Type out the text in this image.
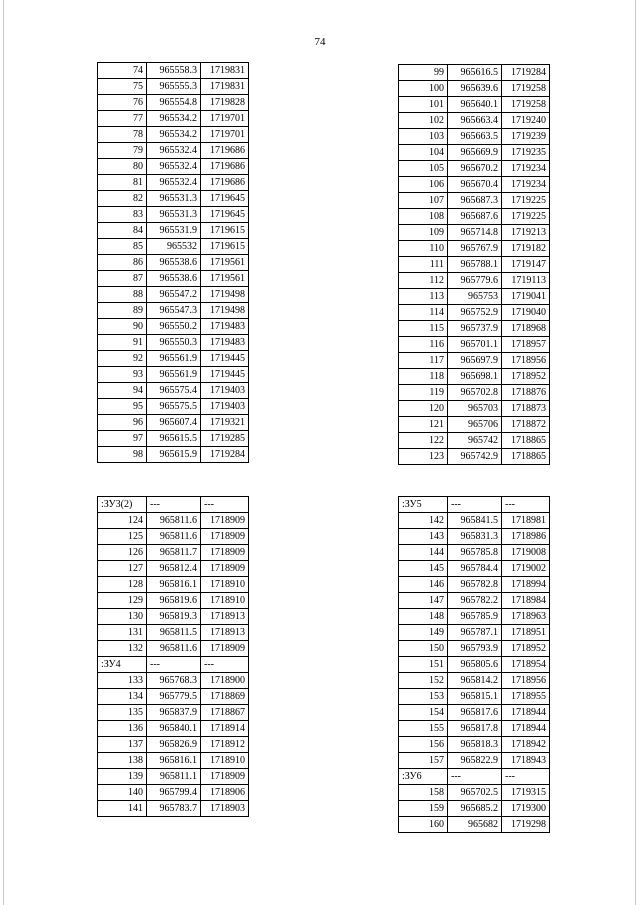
74
74	965558.3	1719831
75	965555.3	1719831
76	965554.8	1719828
77	965534.2	1719701
78	965534.2	1719701
79	965532.4	1719686
80	965532.4	1719686
81	965532.4	1719686
82	965531.3	1719645
83	965531.3	1719645
84	965531.9	1719615
85	965532	1719615
86	965538.6	1719561
87	965538.6	1719561
88	965547.2	1719498
89	965547.3	1719498
90	965550.2	1719483
91	965550.3	1719483
92	965561.9	1719445
93	965561.9	1719445
94	965575.4	1719403
95	965575.5	1719403
96	965607.4	1719321
97	965615.5	1719285
98	965615.9	1719284
99	965616.5	1719284
100	965639.6	1719258
101	965640.1	1719258
102	965663.4	1719240
103	965663.5	1719239
104	965669.9	1719235
105	965670.2	1719234
106	965670.4	1719234
107	965687.3	1719225
108	965687.6	1719225
109	965714.8	1719213
110	965767.9	1719182
111	965788.1	1719147
112	965779.6	1719113
113	965753	1719041
114	965752.9	1719040
115	965737.9	1718968
116	965701.1	1718957
117	965697.9	1718956
118	965698.1	1718952
119	965702.8	1718876
120	965703	1718873
121	965706	1718872
122	965742	1718865
123	965742.9	1718865
:ЗУ3(2)	---	---
124	965811.6	1718909
125	965811.6	1718909
126	965811.7	1718909
127	965812.4	1718909
128	965816.1	1718910
129	965819.6	1718910
130	965819.3	1718913
131	965811.5	1718913
132	965811.6	1718909
:ЗУ4	---	---
133	965768.3	1718900
134	965779.5	1718869
135	965837.9	1718867
136	965840.1	1718914
137	965826.9	1718912
138	965816.1	1718910
139	965811.1	1718909
140	965799.4	1718906
141	965783.7	1718903
:ЗУ5	---	---
142	965841.5	1718981
143	965831.3	1718986
144	965785.8	1719008
145	965784.4	1719002
146	965782.8	1718994
147	965782.2	1718984
148	965785.9	1718963
149	965787.1	1718951
150	965793.9	1718952
151	965805.6	1718954
152	965814.2	1718956
153	965815.1	1718955
154	965817.6	1718944
155	965817.8	1718944
156	965818.3	1718942
157	965822.9	1718943
:ЗУ6	---	---
158	965702.5	1719315
159	965685.2	1719300
160	965682	1719298
